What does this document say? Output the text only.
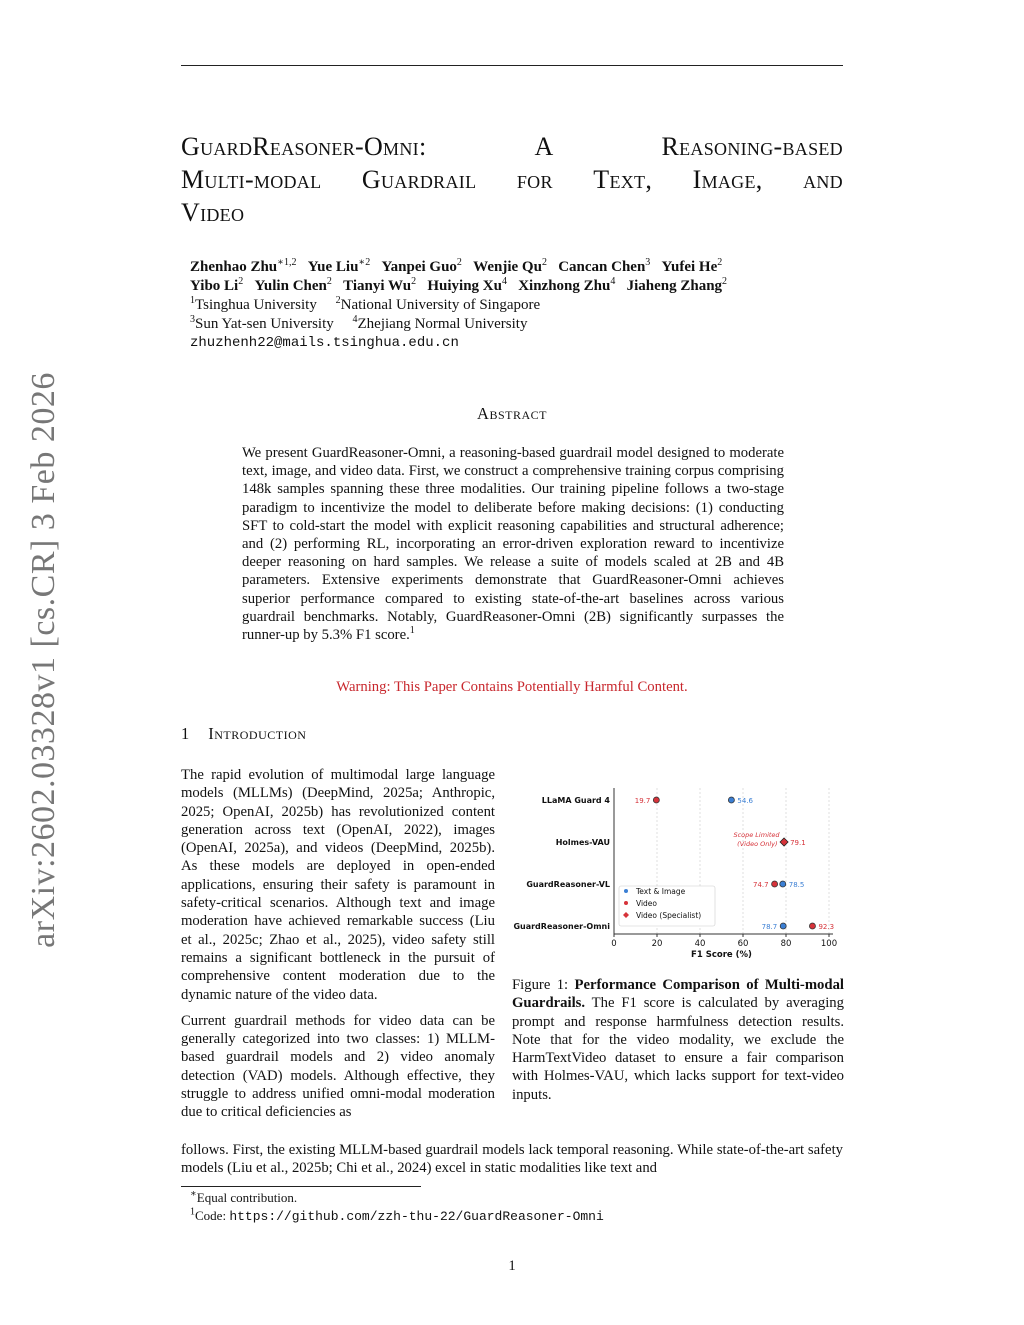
arXiv:2602.03328v1 [cs.CR] 3 Feb 2026
GuardReasoner-Omni:	A	Reasoning-based
Multi-modal Guardrail for Text, Image, and
Video
Zhenhao Zhu$^{∗1,2}$ Yue Liu$^{∗2}$ Yanpei Guo$^2$ Wenjie Qu$^2$ Cancan Chen$^3$ Yufei He$^2$
Yibo Li$^2$ Yulin Chen$^2$ Tianyi Wu$^2$ Huiying Xu$^4$ Xinzhong Zhu$^4$ Jiaheng Zhang$^2$
$^1$Tsinghua University $^2$National University of Singapore
$^3$Sun Yat-sen University $^4$Zhejiang Normal University
zhuzhenh22@mails.tsinghua.edu.cn
Abstract
We present GuardReasoner-Omni, a reasoning-based guardrail model designed to moderate text, image, and video data. First, we construct a comprehensive training corpus comprising 148k samples spanning these three modalities. Our training pipeline follows a two-stage paradigm to incentivize the model to deliberate before making decisions: (1) conducting SFT to cold-start the model with explicit reasoning capabilities and structural adherence; and (2) performing RL, incorporating an error-driven exploration reward to incentivize deeper reasoning on hard samples. We release a suite of models scaled at 2B and 4B parameters. Extensive experiments demonstrate that GuardReasoner-Omni achieves superior performance compared to existing state-of-the-art baselines across various guardrail benchmarks. Notably, GuardReasoner-Omni (2B) significantly surpasses the runner-up by 5.3% F1 score.$^1$
Warning: This Paper Contains Potentially Harmful Content.
1 Introduction

The rapid evolution of multimodal large language models (MLLMs) (DeepMind, 2025a; Anthropic, 2025; OpenAI, 2025b) has revolutionized content generation across text (OpenAI, 2022), images (OpenAI, 2025a), and videos (DeepMind, 2025b). As these models are deployed in open-ended applications, ensuring their safety is paramount in safety-critical scenarios. Although text and image moderation have achieved remarkable success (Liu et al., 2025c; Zhao et al., 2025), video safety still remains a significant bottleneck in the pursuit of comprehensive content moderation due to the dynamic nature of the video data.

Current guardrail methods for video data can be generally categorized into two classes: 1) MLLM-based guardrail models and 2) video anomaly detection (VAD) models. Although effective, they struggle to address unified omni-modal moderation due to critical deficiencies as

follows. First, the existing MLLM-based guardrail models lack temporal reasoning. While state-of-the-art safety models (Liu et al., 2025b; Chi et al., 2024) excel in static modalities like text and
LLaMA Guard 4
Holmes-VAU
GuardReasoner-VL
GuardReasoner-Omni
0	20	40	60	80	100
F1 Score (%)
54.6
78.5
78.7
19.7
74.7
92.3
79.1
Text & Image
Video
Video (Specialist)
Scope Limited
(Video Only)
Figure 1: Performance Comparison of Multi-modal Guardrails. The F1 score is calculated by averaging prompt and response harmfulness detection results. Note that for the video modality, we exclude the HarmTextVideo dataset to ensure a fair comparison with Holmes-VAU, which lacks support for text-video inputs.
∗Equal contribution.
$^1$Code: https://github.com/zzh-thu-22/GuardReasoner-Omni
1
